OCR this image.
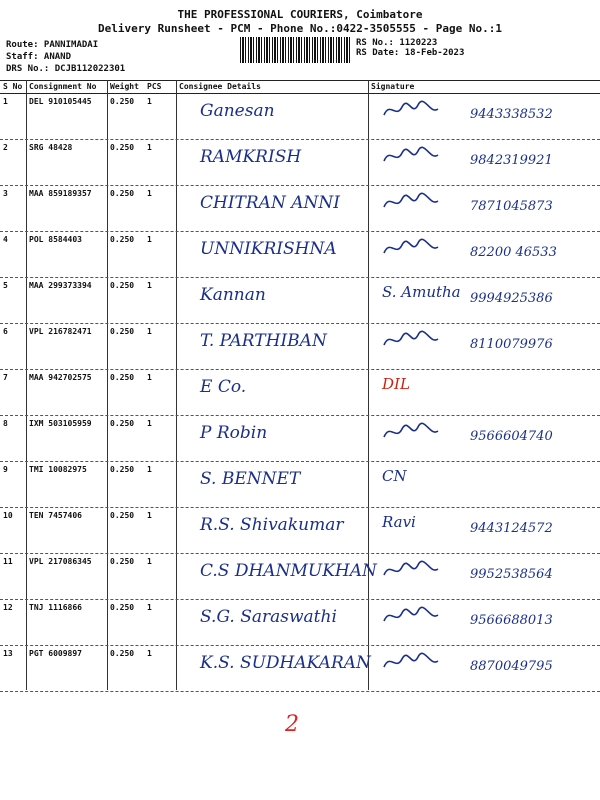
THE PROFESSIONAL COURIERS, Coimbatore
Delivery Runsheet - PCM - Phone No.:0422-3505555 - Page No.:1
Route: PANNIMADAI
Staff: ANAND
DRS No.: DCJB112022301
RS No.: 1120223
RS Date: 18-Feb-2023
S No Consignment No Weight PCS Consignee Details	Signature
1	DEL 910105445 0.250 1	Ganesan	9443338532
2	SRG 48428	0.250 1	RAMKRISH	9842319921
3	MAA 859189357 0.250 1	CHITRAN ANNI	7871045873
4	POL 8584403	0.250 1	UNNIKRISHNA	82200 46533
5	MAA 299373394 0.250 1	Kannan	S. Amutha 9994925386
6	VPL 216782471 0.250 1	T. PARTHIBAN	8110079976
7	MAA 942702575 0.250 1	E Co.	DIL
8	IXM 503105959 0.250 1	P Robin	9566604740
9	TMI 10082975	0.250 1	S. BENNET	CN
10 TEN 7457406	0.250 1	R.S. Shivakumar	Ravi	9443124572
11 VPL 217086345 0.250 1	C.S DHANMUKHAN	9952538564
12 TNJ 1116866	0.250 1	S.G. Saraswathi	9566688013
13 PGT 6009897	0.250 1	K.S. SUDHAKARAN	8870049795
2
